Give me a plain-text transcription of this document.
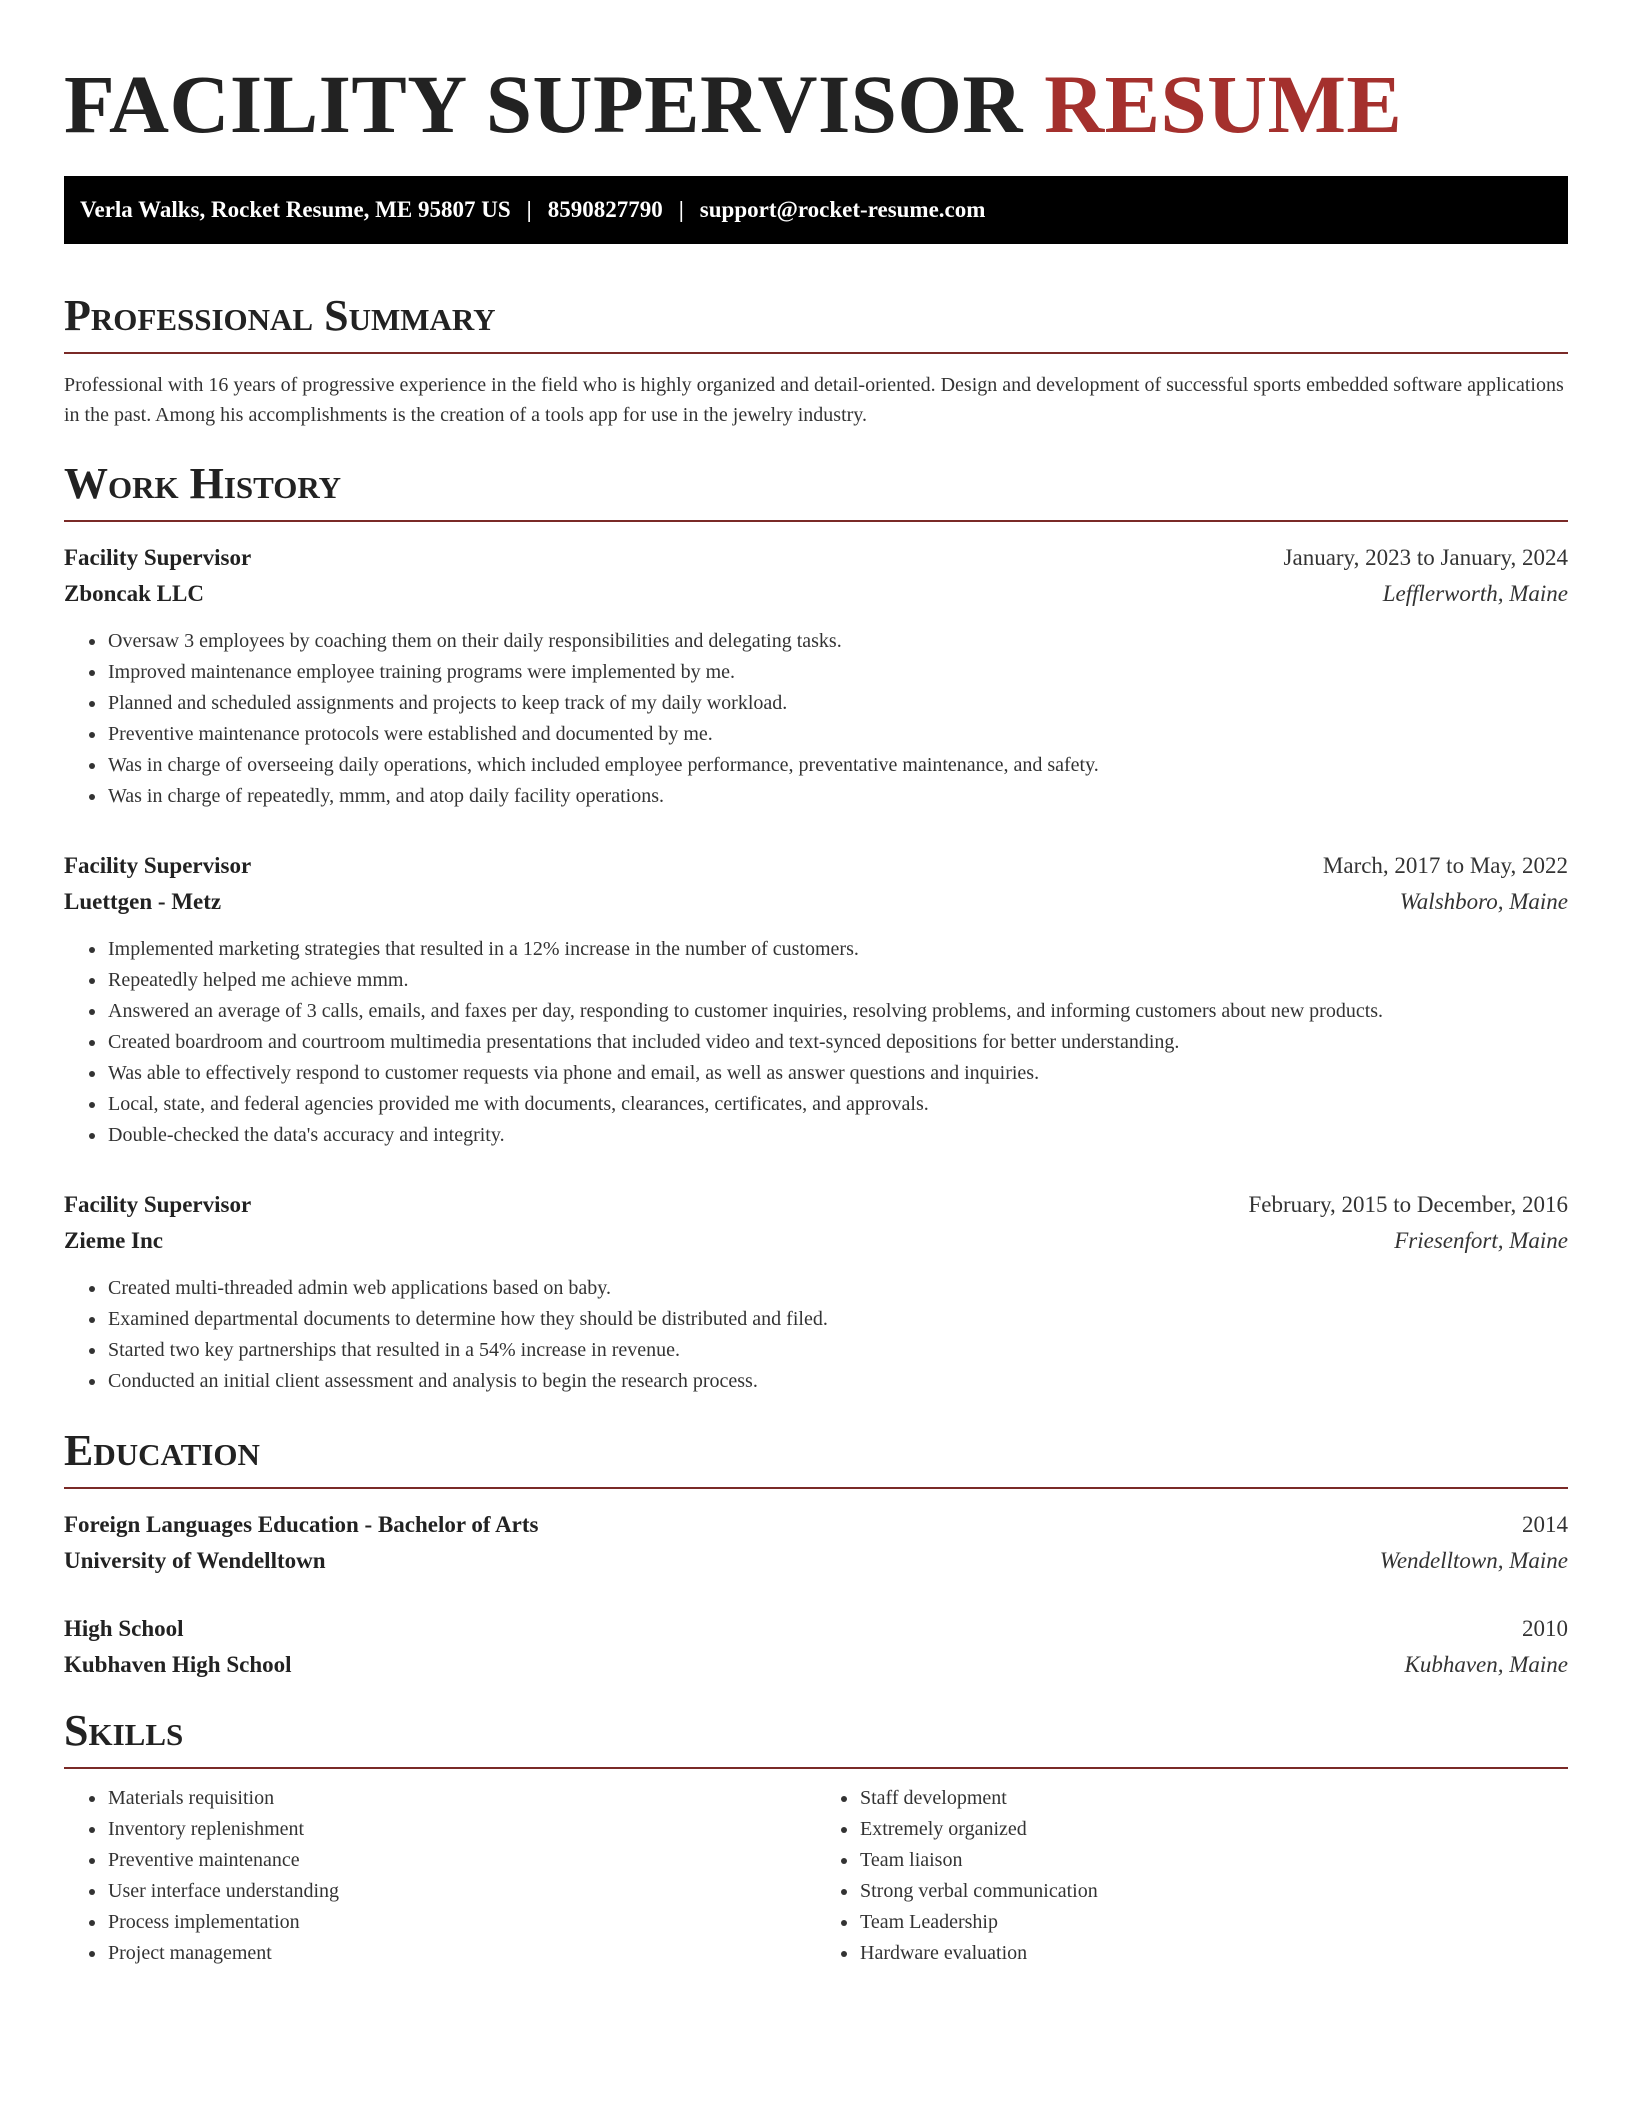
FACILITY SUPERVISOR RESUME
Verla Walks, Rocket Resume, ME 95807 US | 8590827790 | support@rocket-resume.com
Professional Summary

Professional with 16 years of progressive experience in the field who is highly organized and detail-oriented. Design and development of successful sports embedded software applications in the past. Among his accomplishments is the creation of a tools app for use in the jewelry industry.

Work History
Facility Supervisor	January, 2023 to January, 2024
Zboncak LLC	Lefflerworth, Maine
• Oversaw 3 employees by coaching them on their daily responsibilities and delegating tasks.
• Improved maintenance employee training programs were implemented by me.
• Planned and scheduled assignments and projects to keep track of my daily workload.
• Preventive maintenance protocols were established and documented by me.
• Was in charge of overseeing daily operations, which included employee performance, preventative maintenance, and safety.
• Was in charge of repeatedly, mmm, and atop daily facility operations.
Facility Supervisor	March, 2017 to May, 2022
Luettgen - Metz	Walshboro, Maine
• Implemented marketing strategies that resulted in a 12% increase in the number of customers.
• Repeatedly helped me achieve mmm.
• Answered an average of 3 calls, emails, and faxes per day, responding to customer inquiries, resolving problems, and informing customers about new products.
• Created boardroom and courtroom multimedia presentations that included video and text-synced depositions for better understanding.
• Was able to effectively respond to customer requests via phone and email, as well as answer questions and inquiries.
• Local, state, and federal agencies provided me with documents, clearances, certificates, and approvals.
• Double-checked the data's accuracy and integrity.
Facility Supervisor	February, 2015 to December, 2016
Zieme Inc	Friesenfort, Maine
• Created multi-threaded admin web applications based on baby.
• Examined departmental documents to determine how they should be distributed and filed.
• Started two key partnerships that resulted in a 54% increase in revenue.
• Conducted an initial client assessment and analysis to begin the research process.
Education
Foreign Languages Education - Bachelor of Arts	2014
University of Wendelltown	Wendelltown, Maine
High School	2010
Kubhaven High School	Kubhaven, Maine
Skills
• Materials requisition
• Inventory replenishment
• Preventive maintenance
• User interface understanding
• Process implementation
• Project management
• Staff development
• Extremely organized
• Team liaison
• Strong verbal communication
• Team Leadership
• Hardware evaluation
